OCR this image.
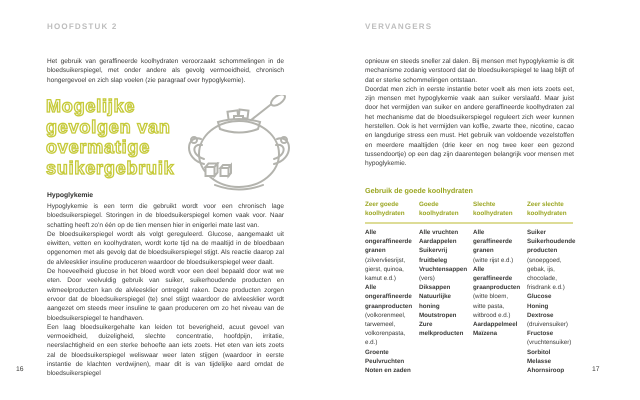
HOOFDSTUK 2	VERVANGERS

Het gebruik van geraffineerde koolhydraten veroorzaakt schommelingen in de bloedsuikerspiegel, met onder andere als gevolg vermoeidheid, chronisch hongergevoel en zich slap voelen (zie paragraaf over hypoglykemie).

Mogelijke
gevolgen van
overmatige
suikergebruik
Hypoglykemie

Hypoglykemie is een term die gebruikt wordt voor een chronisch lage bloedsuikerspiegel. Storingen in de bloedsuikerspiegel komen vaak voor. Naar schatting heeft zo’n één op de tien mensen hier in enigerlei mate last van.

De bloedsuikerspiegel wordt als volgt gereguleerd. Glucose, aangemaakt uit eiwitten, vetten en koolhydraten, wordt korte tijd na de maaltijd in de bloedbaan opgenomen met als gevolg dat de bloedsuikerspiegel stijgt. Als reactie daarop zal de alvleesklier insuline produceren waardoor de bloedsuikerspiegel weer daalt.

De hoeveelheid glucose in het bloed wordt voor een deel bepaald door wat we eten. Door veelvuldig gebruik van suiker, suikerhoudende producten en witmeelproducten kan de alvleesklier ontregeld raken. Deze producten zorgen ervoor dat de bloedsuikerspiegel (te) snel stijgt waardoor de alvleesklier wordt aangezet om steeds meer insuline te gaan produceren om zo het niveau van de bloedsuikerspiegel te handhaven.

Een laag bloedsuikergehalte kan leiden tot beverigheid, acuut gevoel van vermoeidheid, duizeligheid, slechte concentratie, hoofdpijn, irritatie, neerslachtigheid en een sterke behoefte aan iets zoets. Het eten van iets zoets zal de bloedsuikerspiegel weliswaar weer laten stijgen (waardoor in eerste instantie de klachten verdwijnen), maar dit is van tijdelijke aard omdat de bloedsuikerspiegel

16

opnieuw en steeds sneller zal dalen. Bij mensen met hypoglykemie is dit mechanisme zodanig verstoord dat de bloedsuikerspiegel te laag blijft of dat er sterke schommelingen ontstaan.

Doordat men zich in eerste instantie beter voelt als men iets zoets eet, zijn mensen met hypoglykemie vaak aan suiker verslaafd. Maar juist door het vermijden van suiker en andere geraffineerde koolhydraten zal het mechanisme dat de bloedsuikerspiegel reguleert zich weer kunnen herstellen. Ook is het vermijden van koffie, zwarte thee, nicotine, cacao en langdurige stress een must. Het gebruik van voldoende vezelstoffen en meerdere maaltijden (drie keer en nog twee keer een gezond tussendoortje) op een dag zijn daarentegen belangrijk voor mensen met hypoglykemie.

Gebruik de goede koolhydraten
Zeer goede koolhydraten
Goede koolhydraten
Slechte koolhydraten
Zeer slechte koolhydraten
Alle ongeraffineerde granen
(zilvervliesrijst, gierst, quinoa, kamut e.d.)
Alle ongeraffineerde graanproducten
(volkorenmeel, tarwemeel, volkorenpasta, e.d.)
Groente
Peulvruchten
Noten en zaden
Alle vruchten
Aardappelen
Suikervrij fruitbeleg
Vruchtensappen
(vers)
Diksappen
Natuurlijke honing
Moutstropen
Zure melkproducten
Alle geraffineerde granen
(witte rijst e.d.)
Alle geraffineerde graanproducten
(witte bloem, witte pasta, witbrood e.d.)
Aardappelmeel
Maïzena
Suiker
Suikerhoudende producten
(snoepgoed, gebak, ijs, chocolade, frisdrank e.d.)
Glucose
Honing
Dextrose
(druivensuiker)
Fructose
(vruchtensuiker)
Sorbitol
Melasse
Ahornsiroop	17
